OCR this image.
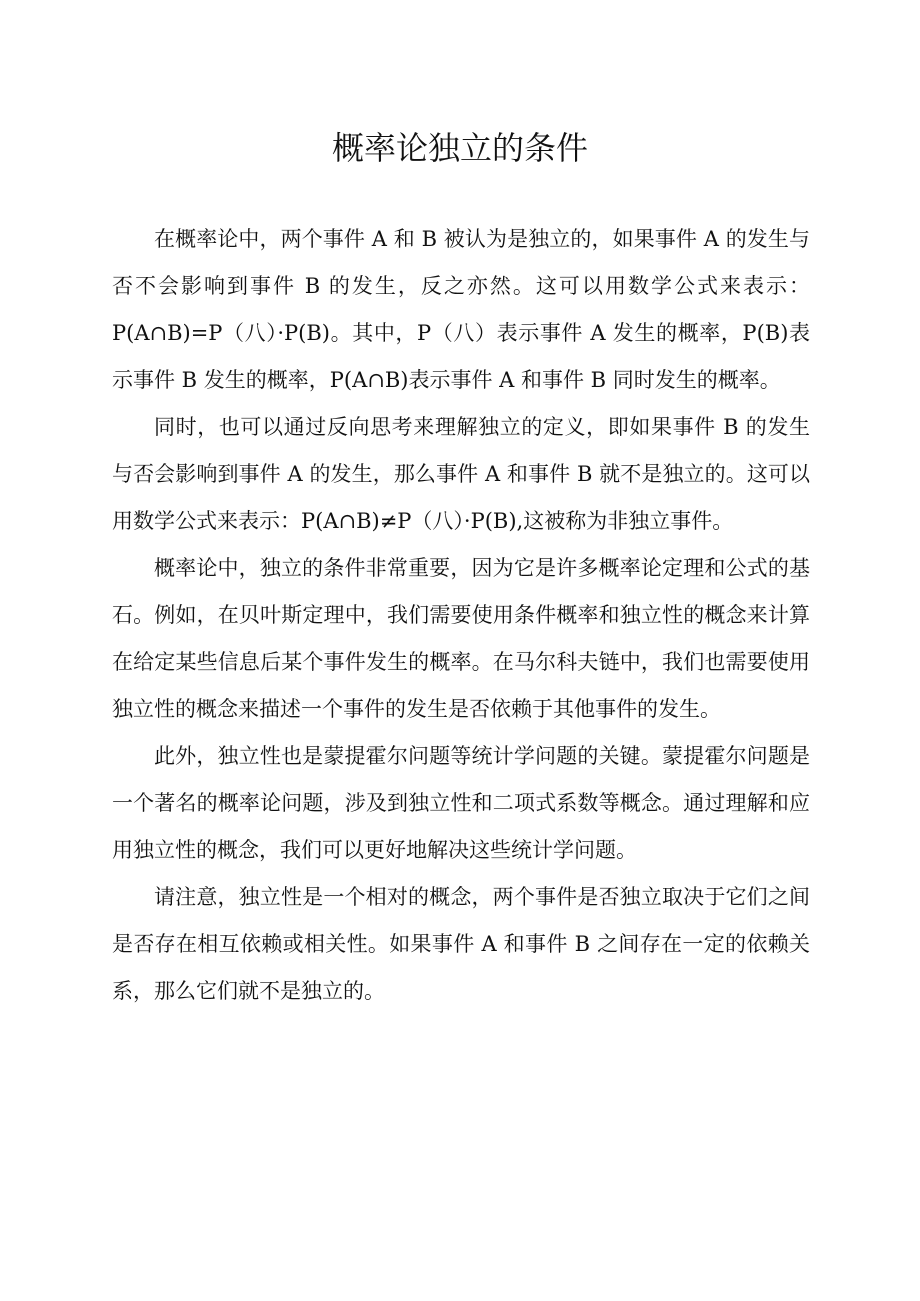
概率论独立的条件

在概率论中，两个事件 A 和 B 被认为是独立的，如果事件 A 的发生与否不会影响到事件 B 的发生，反之亦然。这可以用数学公式来表示：P(A∩B)=P（八）·P(B)。其中，P（八）表示事件 A 发生的概率，P(B)表示事件 B 发生的概率，P(A∩B)表示事件 A 和事件 B 同时发生的概率。

同时，也可以通过反向思考来理解独立的定义，即如果事件 B 的发生与否会影响到事件 A 的发生，那么事件 A 和事件 B 就不是独立的。这可以用数学公式来表示：P(A∩B)≠P（八）·P(B),这被称为非独立事件。

概率论中，独立的条件非常重要，因为它是许多概率论定理和公式的基石。例如，在贝叶斯定理中，我们需要使用条件概率和独立性的概念来计算在给定某些信息后某个事件发生的概率。在马尔科夫链中，我们也需要使用独立性的概念来描述一个事件的发生是否依赖于其他事件的发生。

此外，独立性也是蒙提霍尔问题等统计学问题的关键。蒙提霍尔问题是一个著名的概率论问题，涉及到独立性和二项式系数等概念。通过理解和应用独立性的概念，我们可以更好地解决这些统计学问题。

请注意，独立性是一个相对的概念，两个事件是否独立取决于它们之间是否存在相互依赖或相关性。如果事件 A 和事件 B 之间存在一定的依赖关系，那么它们就不是独立的。
